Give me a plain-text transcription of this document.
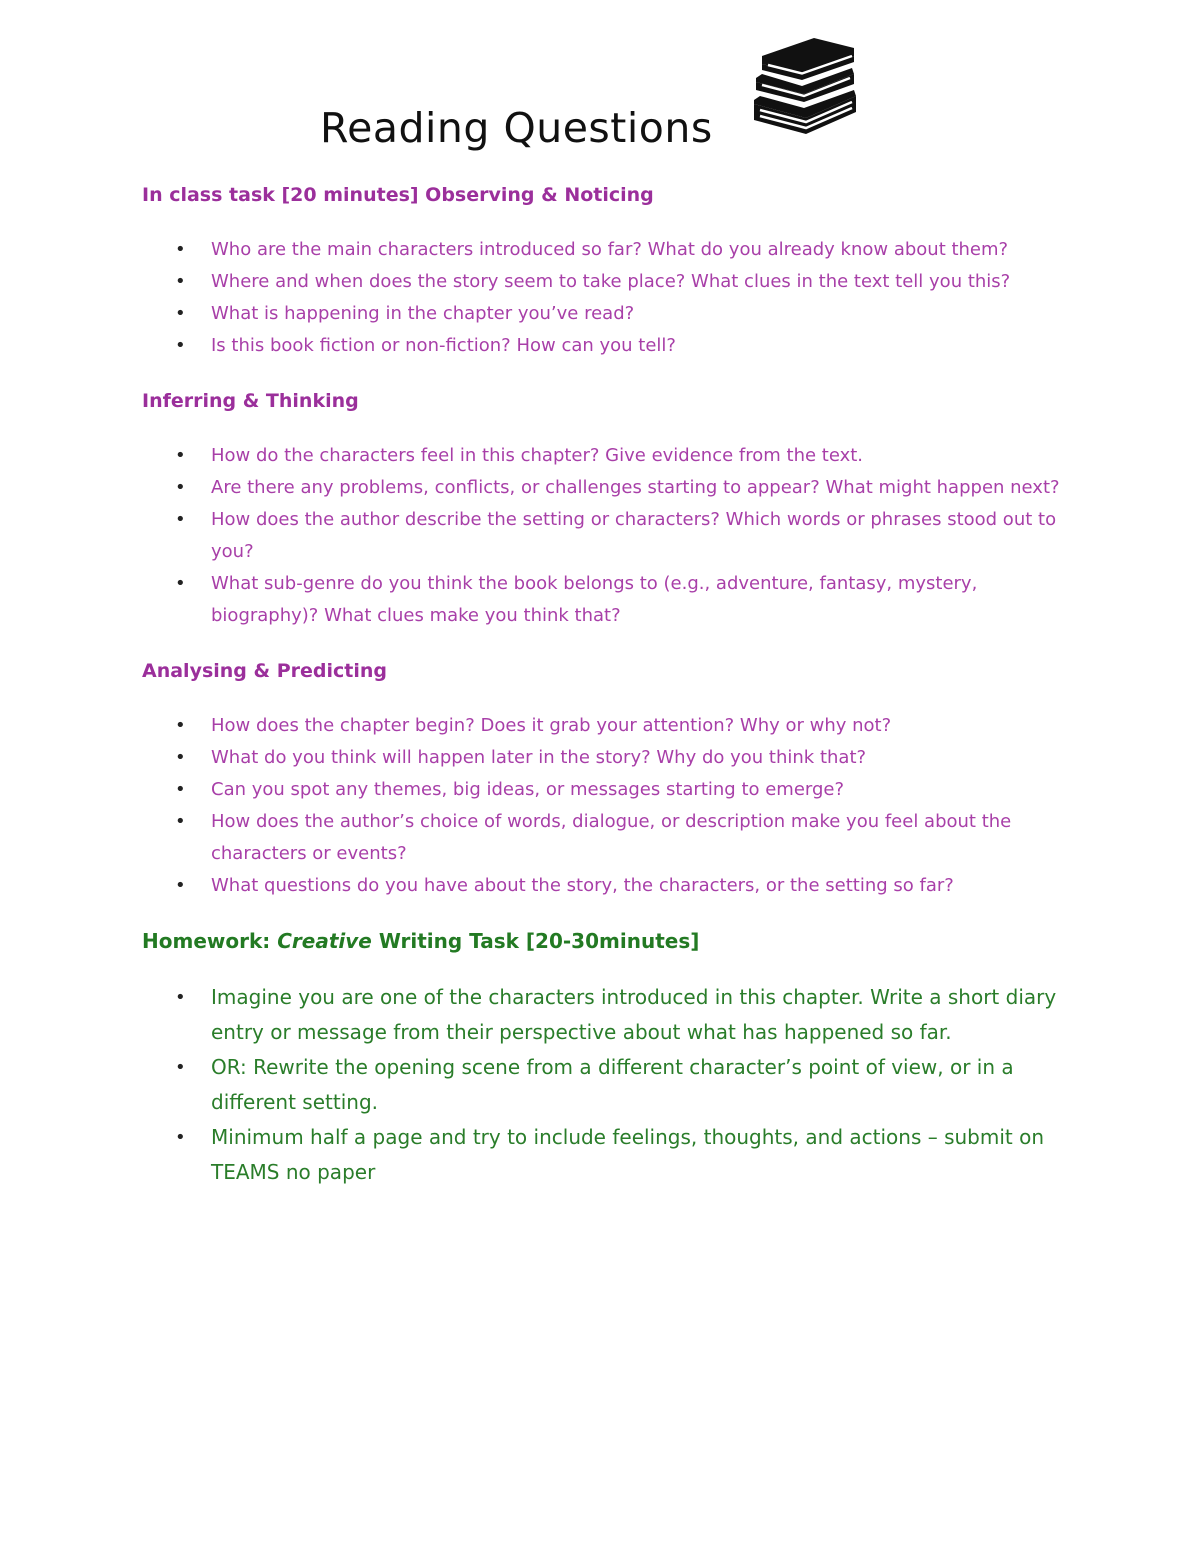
Reading Questions

In class task [20 minutes] Observing & Noticing

• Who are the main characters introduced so far? What do you already know about them?
• Where and when does the story seem to take place? What clues in the text tell you this?
• What is happening in the chapter you’ve read?
• Is this book fiction or non-fiction? How can you tell?

Inferring & Thinking

• How do the characters feel in this chapter? Give evidence from the text.
• Are there any problems, conflicts, or challenges starting to appear? What might happen next?
• How does the author describe the setting or characters? Which words or phrases stood out to you?
• What sub-genre do you think the book belongs to (e.g., adventure, fantasy, mystery, biography)? What clues make you think that?

Analysing & Predicting

• How does the chapter begin? Does it grab your attention? Why or why not?
• What do you think will happen later in the story? Why do you think that?
• Can you spot any themes, big ideas, or messages starting to emerge?
• How does the author’s choice of words, dialogue, or description make you feel about the characters or events?
• What questions do you have about the story, the characters, or the setting so far?

Homework: Creative Writing Task [20-30minutes]

• Imagine you are one of the characters introduced in this chapter. Write a short diary entry or message from their perspective about what has happened so far.
• OR: Rewrite the opening scene from a different character’s point of view, or in a different setting.
• Minimum half a page and try to include feelings, thoughts, and actions – submit on TEAMS no paper
